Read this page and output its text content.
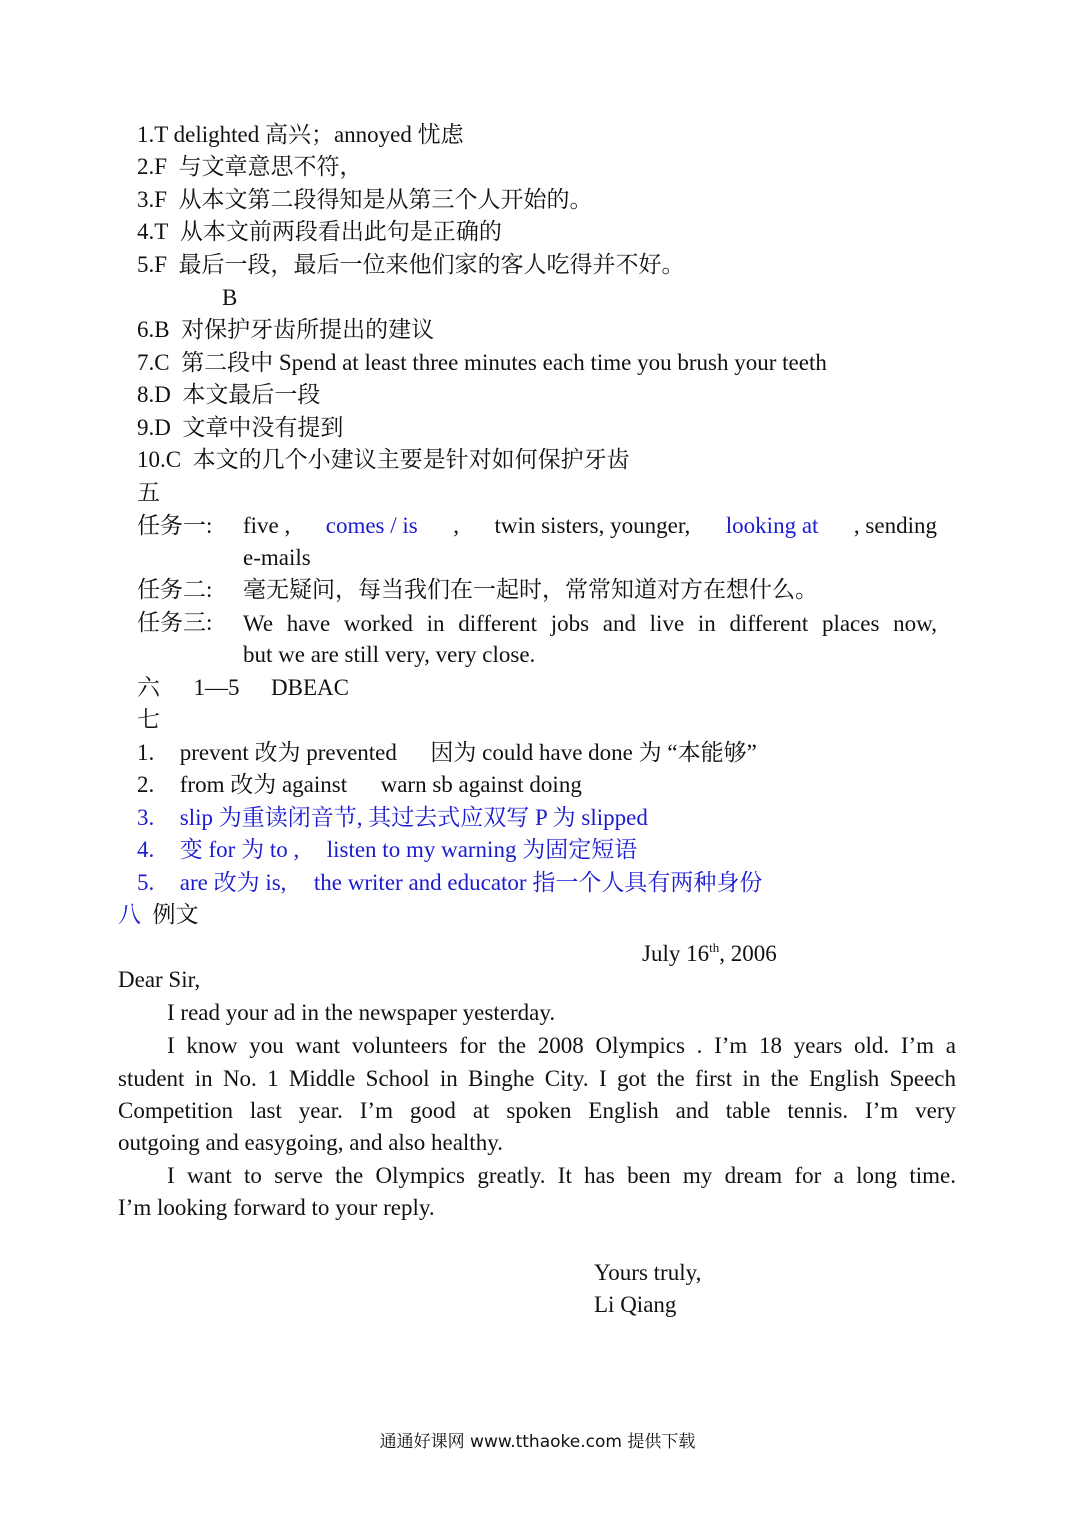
1.T delighted 高兴；annoyed 忧虑
2.F 与文章意思不符，
3.F 从本文第二段得知是从第三个人开始的。
4.T 从本文前两段看出此句是正确的
5.F 最后一段，最后一位来他们家的客人吃得并不好。
B
6.B 对保护牙齿所提出的建议
7.C 第二段中 Spend at least three minutes each time you brush your teeth
8.D 本文最后一段
9.D 文章中没有提到
10.C 本文的几个小建议主要是针对如何保护牙齿
五
任务一: five , comes / is , twin sisters, younger, looking at , sending
e-mails
任务二: 毫无疑问，每当我们在一起时，常常知道对方在想什么。
任务三: We have worked in different jobs and live in different places now,
but we are still very, very close.
六 1—5 DBEAC
七
1. prevent 改为 prevented 因为 could have done 为 “本能够”
2. from 改为 against warn sb against doing
3. slip 为重读闭音节, 其过去式应双写 P 为 slipped
4. 变 for 为 to , listen to my warning 为固定短语
5. are 改为 is, the writer and educator 指一个人具有两种身份
八 例文
July 16th, 2006
Dear Sir,
I read your ad in the newspaper yesterday.
I know you want volunteers for the 2008 Olympics . I’m 18 years old. I’m a
student in No. 1 Middle School in Binghe City. I got the first in the English Speech
Competition last year. I’m good at spoken English and table tennis. I’m very
outgoing and easygoing, and also healthy.
I want to serve the Olympics greatly. It has been my dream for a long time.
I’m looking forward to your reply.
Yours truly,
Li Qiang
通通好课网 www.tthaoke.com 提供下载
